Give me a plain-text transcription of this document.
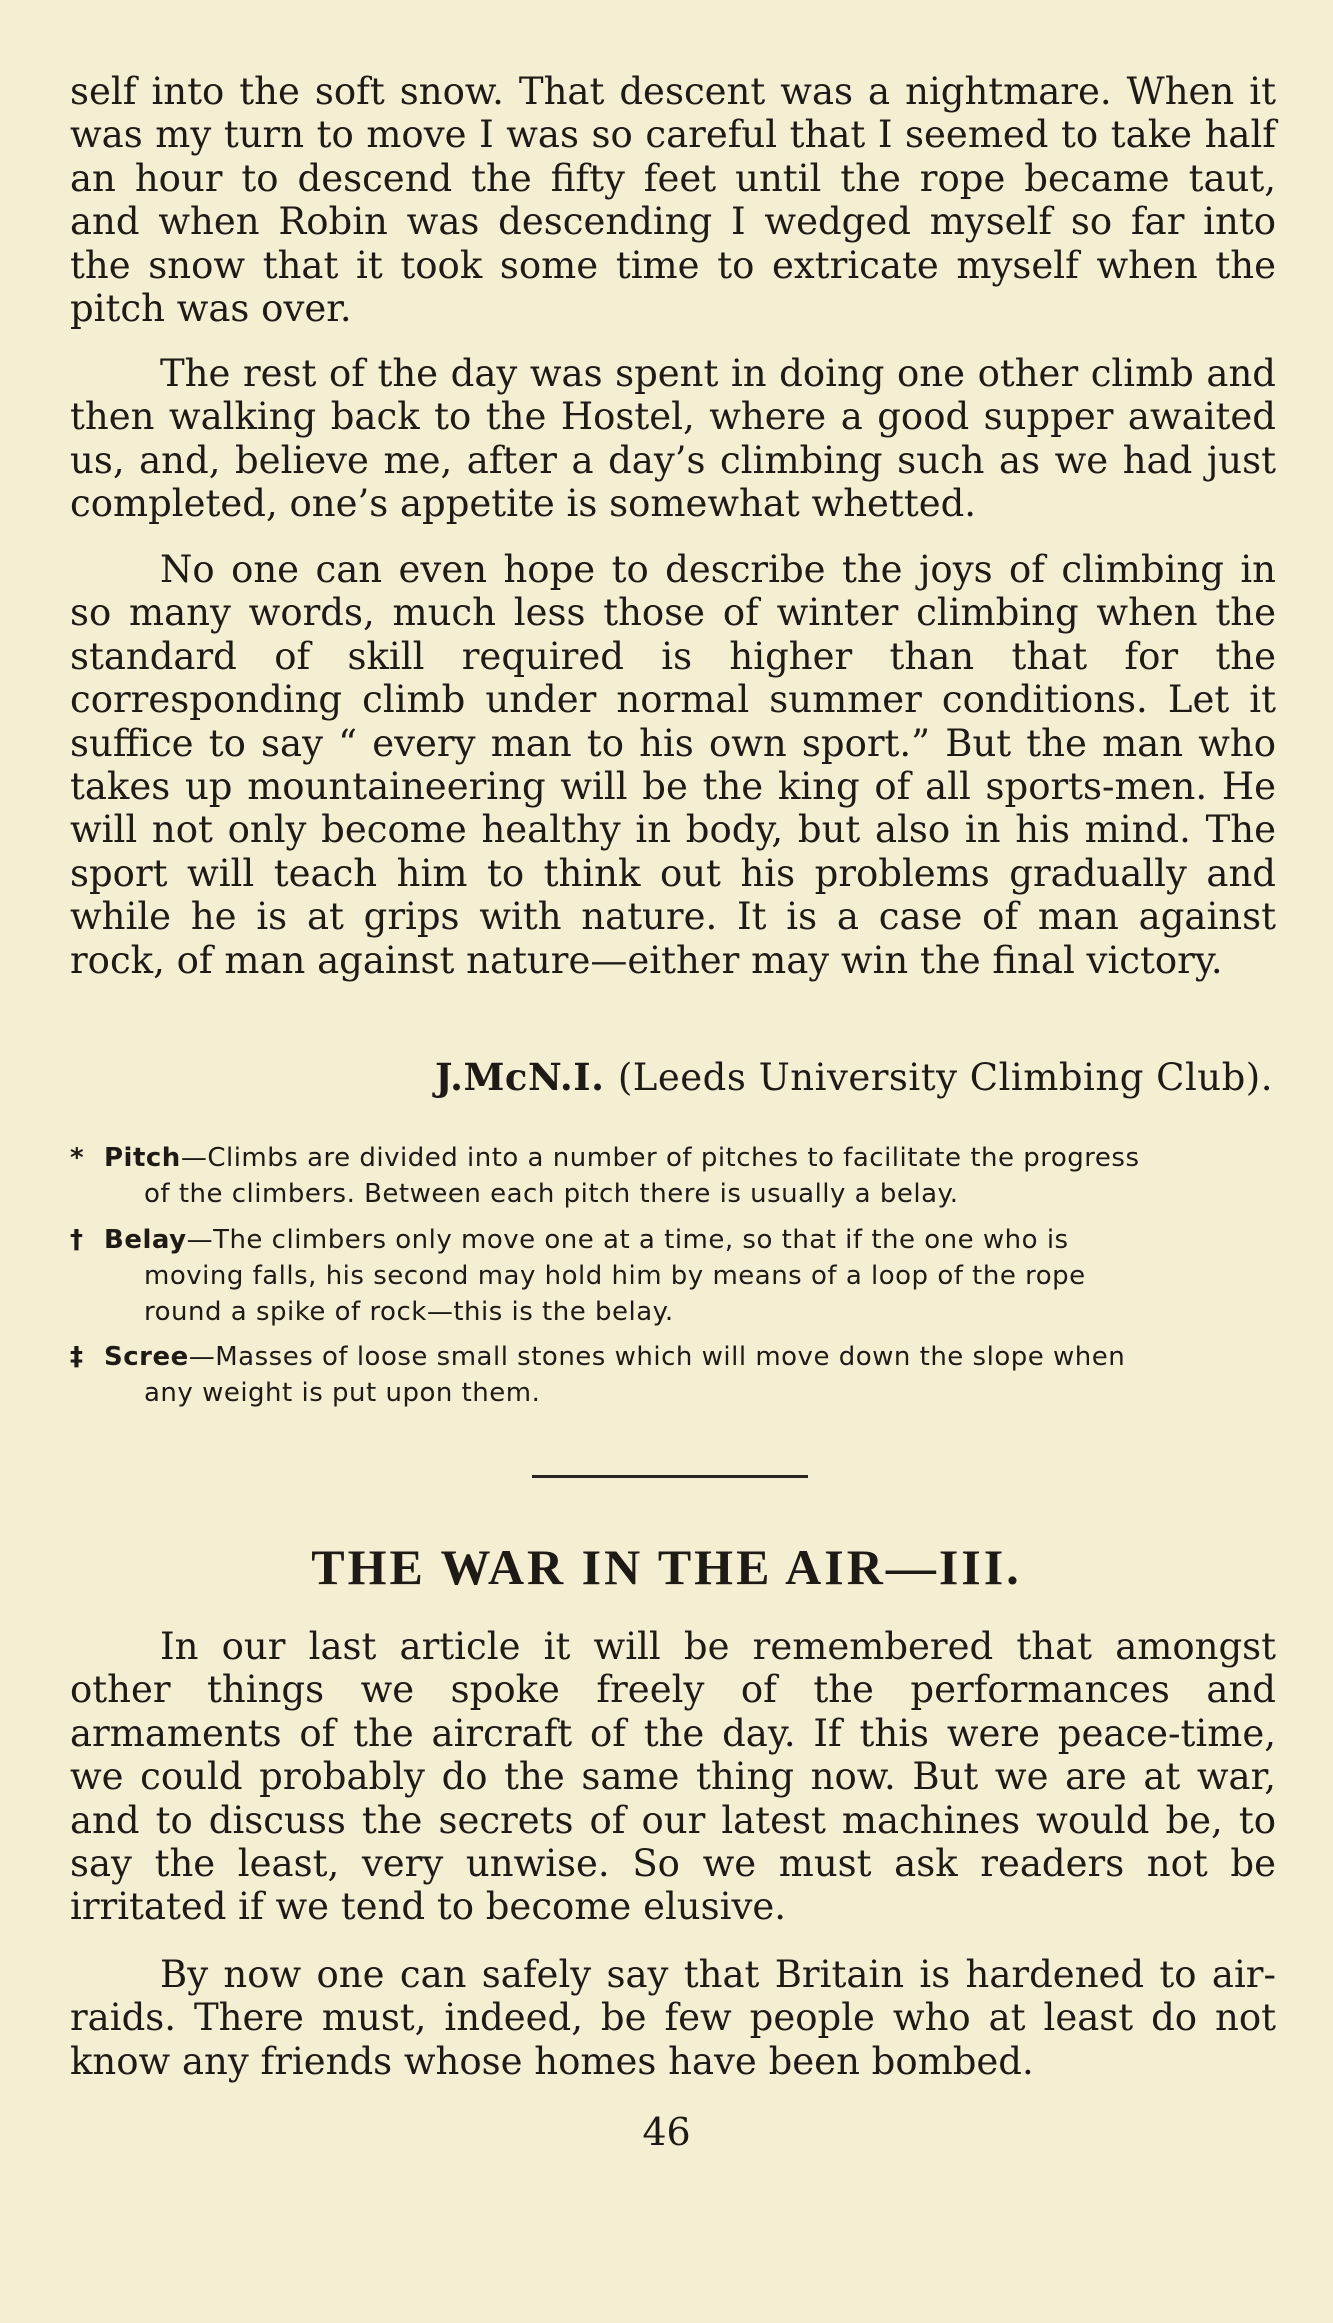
self into the soft snow. That descent was a nightmare. When it was my turn to move I was so careful that I seemed to take half an hour to descend the fifty feet until the rope became taut, and when Robin was descending I wedged myself so far into the snow that it took some time to extricate myself when the pitch was over.

The rest of the day was spent in doing one other climb and then walking back to the Hostel, where a good supper awaited us, and, believe me, after a day’s climbing such as we had just completed, one’s appetite is somewhat whetted.

No one can even hope to describe the joys of climbing in so many words, much less those of winter climbing when the standard of skill required is higher than that for the corresponding climb under normal summer conditions. Let it suffice to say “ every man to his own sport.” But the man who takes up mountaineering will be the king of all sports-men. He will not only become healthy in body, but also in his mind. The sport will teach him to think out his problems gradually and while he is at grips with nature. It is a case of man against rock, of man against nature—either may win the final victory.

J.McN.I. (Leeds University Climbing Club).
* Pitch—Climbs are divided into a number of pitches to facilitate the progress
of the climbers. Between each pitch there is usually a belay.
† Belay—The climbers only move one at a time, so that if the one who is
moving falls, his second may hold him by means of a loop of the rope
round a spike of rock—this is the belay.
‡ Scree—Masses of loose small stones which will move down the slope when
any weight is put upon them.
THE WAR IN THE AIR—III.

In our last article it will be remembered that amongst other things we spoke freely of the performances and armaments of the aircraft of the day. If this were peace-time, we could probably do the same thing now. But we are at war, and to discuss the secrets of our latest machines would be, to say the least, very unwise. So we must ask readers not be irritated if we tend to become elusive.

By now one can safely say that Britain is hardened to air-raids. There must, indeed, be few people who at least do not know any friends whose homes have been bombed.

46
